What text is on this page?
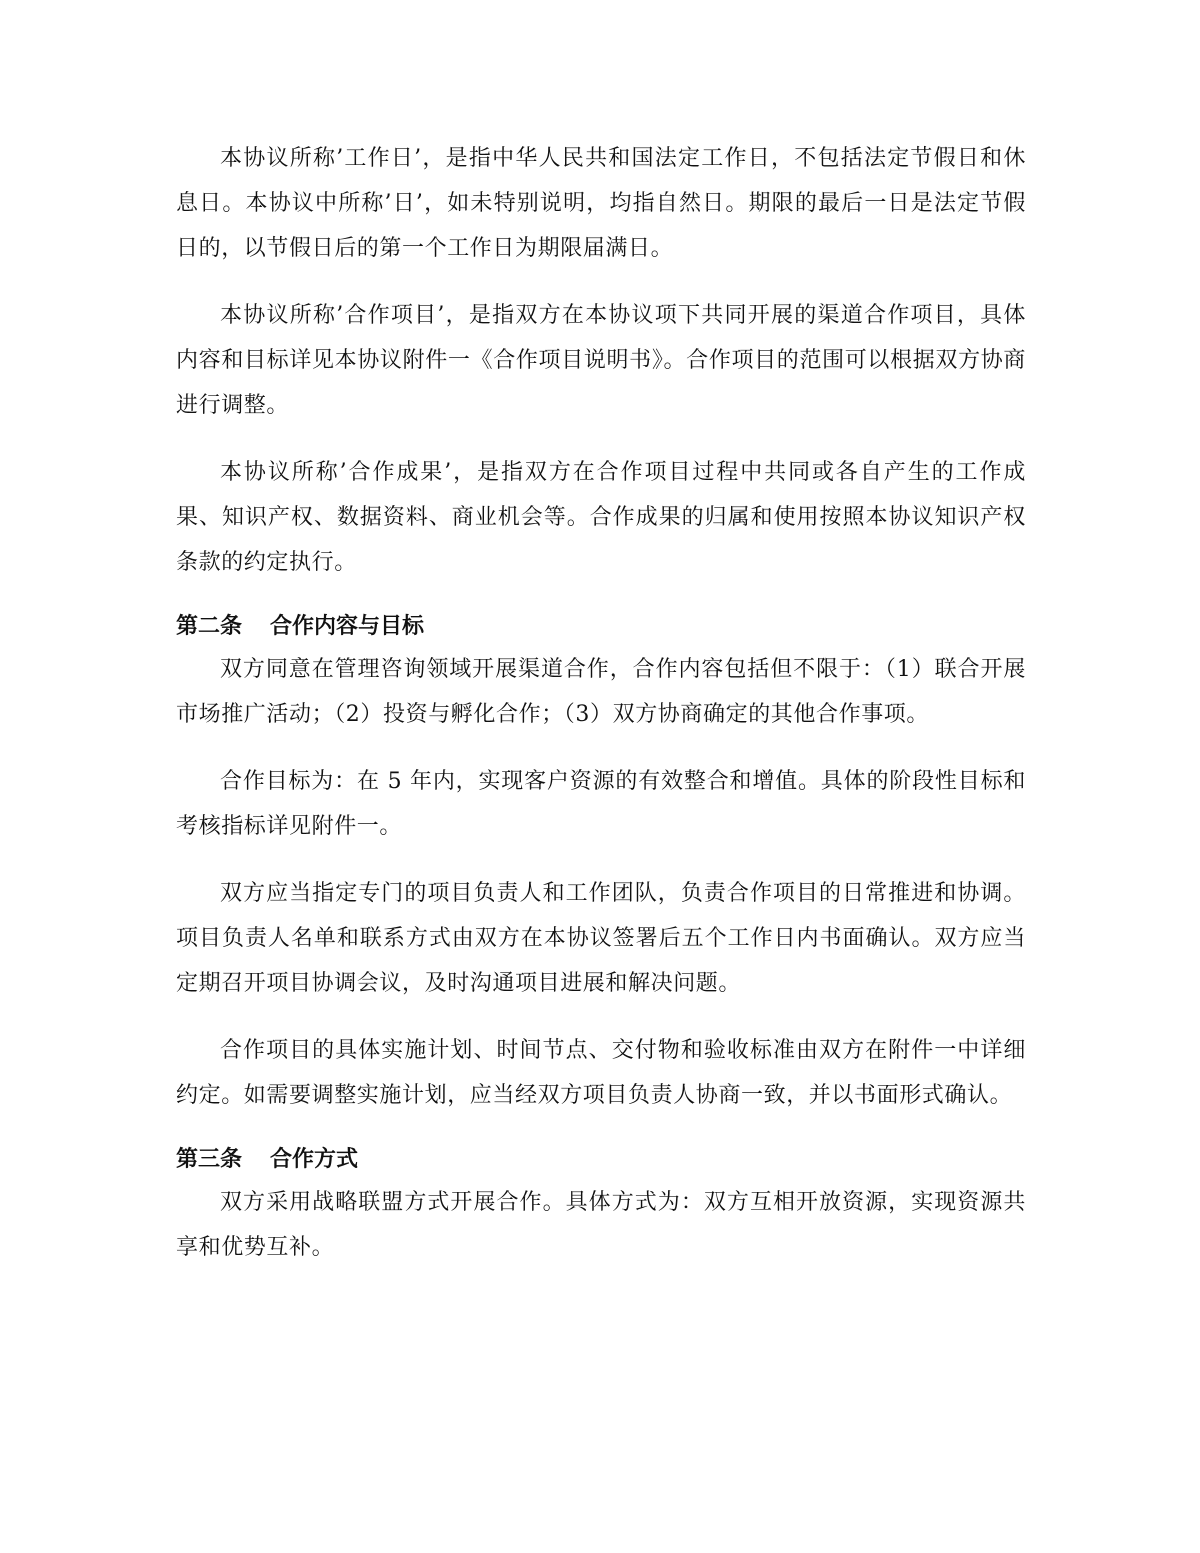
本协议所称’工作日’，是指中华人民共和国法定工作日，不包括法定节假日和休息日。本协议中所称’日’，如未特别说明，均指自然日。期限的最后一日是法定节假日的，以节假日后的第一个工作日为期限届满日。

本协议所称’合作项目’，是指双方在本协议项下共同开展的渠道合作项目，具体内容和目标详见本协议附件一《合作项目说明书》。合作项目的范围可以根据双方协商进行调整。

本协议所称’合作成果’，是指双方在合作项目过程中共同或各自产生的工作成果、知识产权、数据资料、商业机会等。合作成果的归属和使用按照本协议知识产权条款的约定执行。

第二条 合作内容与目标

双方同意在管理咨询领域开展渠道合作，合作内容包括但不限于：（1）联合开展市场推广活动；（2）投资与孵化合作；（3）双方协商确定的其他合作事项。

合作目标为：在 5 年内，实现客户资源的有效整合和增值。具体的阶段性目标和考核指标详见附件一。

双方应当指定专门的项目负责人和工作团队，负责合作项目的日常推进和协调。项目负责人名单和联系方式由双方在本协议签署后五个工作日内书面确认。双方应当定期召开项目协调会议，及时沟通项目进展和解决问题。

合作项目的具体实施计划、时间节点、交付物和验收标准由双方在附件一中详细约定。如需要调整实施计划，应当经双方项目负责人协商一致，并以书面形式确认。

第三条 合作方式

双方采用战略联盟方式开展合作。具体方式为：双方互相开放资源，实现资源共享和优势互补。
